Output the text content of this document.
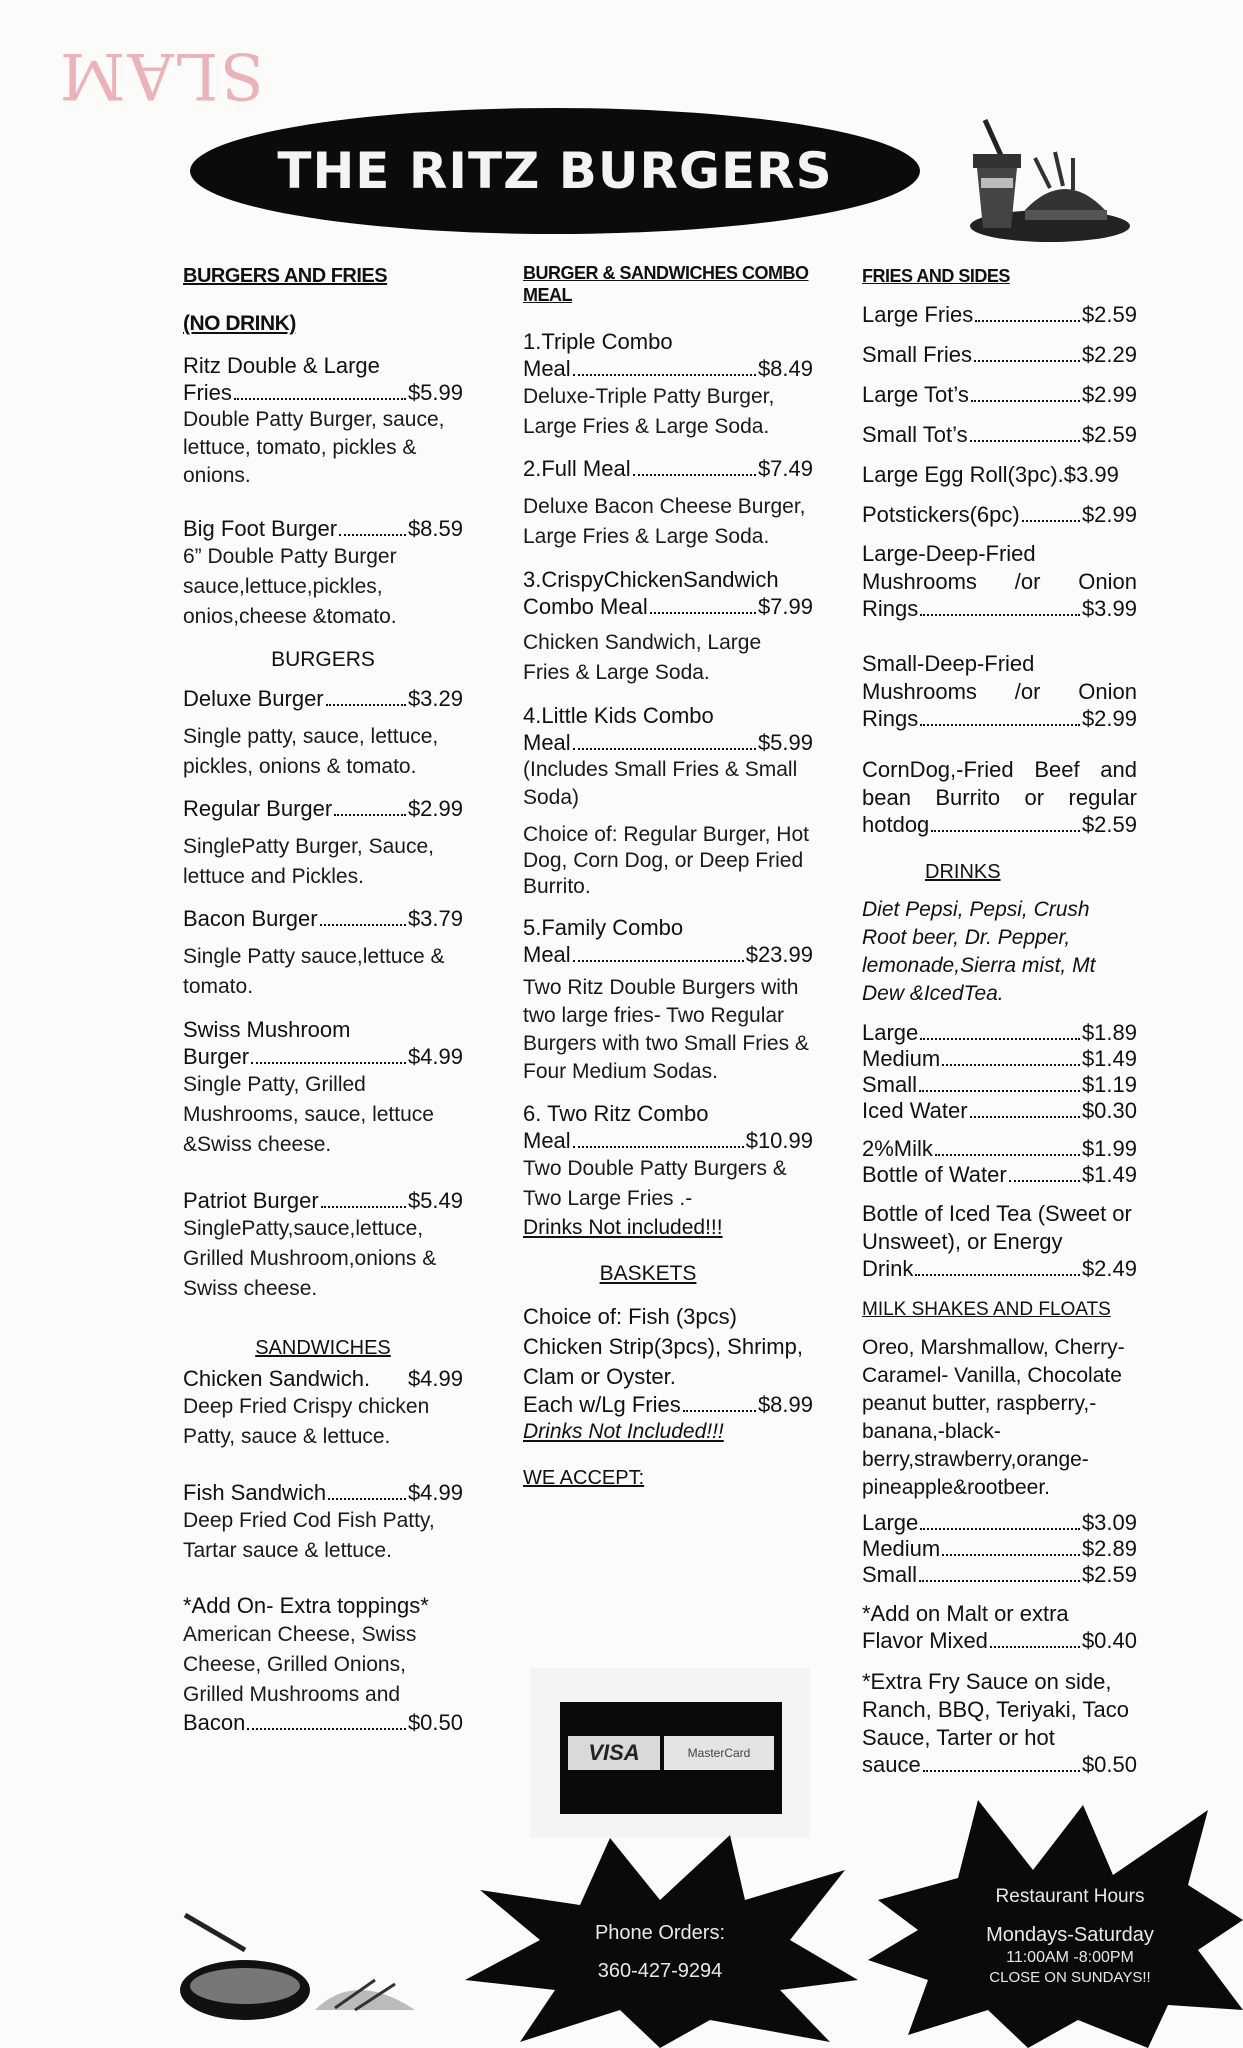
SLAM
THE RITZ BURGERS
BURGERS AND FRIES
(NO DRINK)
Ritz Double & Large
Fries	$5.99
Double Patty Burger, sauce, lettuce, tomato, pickles & onions.
Big Foot Burger	$8.59
6” Double Patty Burger sauce,lettuce,pickles, onios,cheese &tomato.
BURGERS
Deluxe Burger	$3.29
Single patty, sauce, lettuce, pickles, onions & tomato.
Regular Burger	$2.99
SinglePatty Burger, Sauce, lettuce and Pickles.
Bacon Burger	$3.79
Single Patty sauce,lettuce & tomato.
Swiss Mushroom
Burger	$4.99
Single Patty, Grilled Mushrooms, sauce, lettuce &Swiss cheese.
Patriot Burger	$5.49
SinglePatty,sauce,lettuce, Grilled Mushroom,onions & Swiss cheese.
SANDWICHES
Chicken Sandwich. $4.99
Deep Fried Crispy chicken Patty, sauce & lettuce.
Fish Sandwich	$4.99
Deep Fried Cod Fish Patty, Tartar sauce & lettuce.
*Add On- Extra toppings*
American Cheese, Swiss Cheese, Grilled Onions, Grilled Mushrooms and
Bacon	$0.50
BURGER & SANDWICHES COMBO MEAL
1.Triple Combo
Meal	$8.49
Deluxe-Triple Patty Burger, Large Fries & Large Soda.
2.Full Meal	$7.49
Deluxe Bacon Cheese Burger, Large Fries & Large Soda.
3.CrispyChickenSandwich
Combo Meal	$7.99
Chicken Sandwich, Large Fries & Large Soda.
4.Little Kids Combo
Meal	$5.99
(Includes Small Fries & Small Soda)
Choice of: Regular Burger, Hot Dog, Corn Dog, or Deep Fried Burrito.
5.Family Combo
Meal	$23.99
Two Ritz Double Burgers with two large fries- Two Regular Burgers with two Small Fries & Four Medium Sodas.
6. Two Ritz Combo
Meal	$10.99
Two Double Patty Burgers & Two Large Fries .-
Drinks Not included!!!
BASKETS
Choice of: Fish (3pcs) Chicken Strip(3pcs), Shrimp, Clam or Oyster.
Each w/Lg Fries	$8.99
Drinks Not Included!!!
WE ACCEPT:
VISA	MasterCard
FRIES AND SIDES
Large Fries	$2.59
Small Fries	$2.29
Large Tot’s	$2.99
Small Tot’s	$2.59
Large Egg Roll(3pc). $3.99
Potstickers(6pc)	$2.99
Large-Deep-Fried
Mushrooms /or Onion
Rings	$3.99
Small-Deep-Fried
Mushrooms /or Onion
Rings	$2.99
CornDog,-Fried Beef and
bean Burrito or regular
hotdog	$2.59
DRINKS
Diet Pepsi, Pepsi, Crush Root beer, Dr. Pepper, lemonade,Sierra mist, Mt Dew &IcedTea.
Large	$1.89
Medium	$1.49
Small	$1.19
Iced Water	$0.30
2%Milk	$1.99
Bottle of Water	$1.49
Bottle of Iced Tea (Sweet or Unsweet), or Energy
Drink	$2.49
MILK SHAKES AND FLOATS
Oreo, Marshmallow, Cherry-Caramel- Vanilla, Chocolate peanut butter, raspberry,-banana,-black-berry,strawberry,orange-pineapple&rootbeer.
Large	$3.09
Medium	$2.89
Small	$2.59
*Add on Malt or extra
Flavor Mixed	$0.40
*Extra Fry Sauce on side, Ranch, BBQ, Teriyaki, Taco Sauce, Tarter or hot
sauce	$0.50
Phone Orders:
360-427-9294
Restaurant Hours
Mondays-Saturday
11:00AM -8:00PM
CLOSE ON SUNDAYS!!
